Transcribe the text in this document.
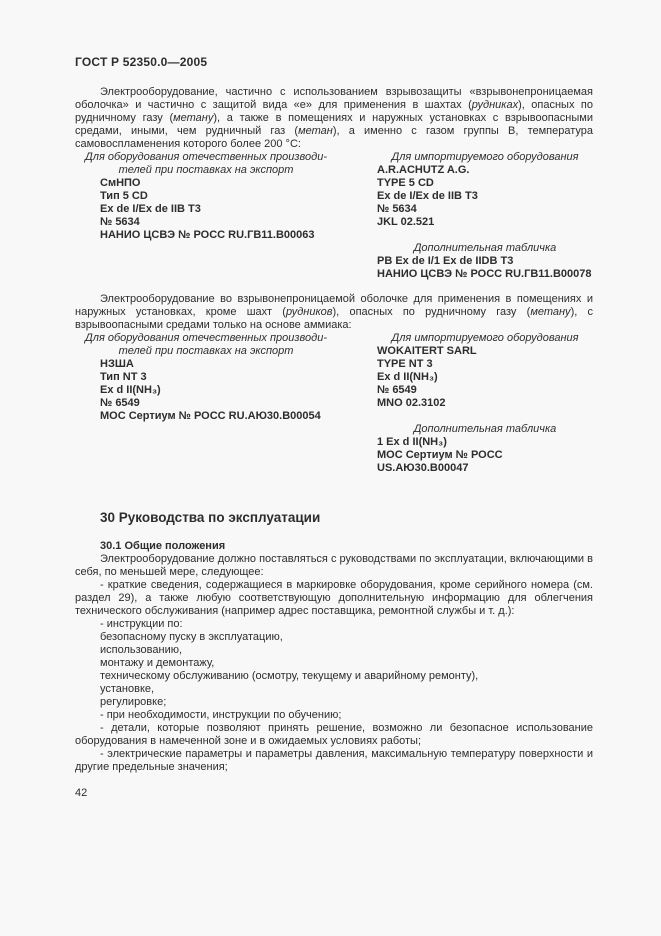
ГОСТ Р 52350.0—2005

Электрооборудование, частично с использованием взрывозащиты «взрывонепроницаемая оболочка» и частично с защитой вида «е» для применения в шахтах (рудниках), опасных по рудничному газу (метану), а также в помещениях и наружных установках с взрывоопасными средами, иными, чем рудничный газ (метан), а именно с газом группы В, температура самовоспламенения которого более 200 °С:

Для оборудования отечественных производи-
телей при поставках на экспорт
СмНПО
Тип 5 CD
Ex de I/Ex de IIB T3
№ 5634
НАНИО ЦСВЭ № РОСС RU.ГВ11.В00063
Для импортируемого оборудования
A.R.ACHUTZ A.G.
TYPE 5 CD
Ex de I/Ex de IIB T3
№ 5634
JKL 02.521
Дополнительная табличка
РВ Ex de I/1 Ex de IIDB T3
НАНИО ЦСВЭ № РОСС RU.ГВ11.В00078

Электрооборудование во взрывонепроницаемой оболочке для применения в помещениях и наружных установках, кроме шахт (рудников), опасных по рудничному газу (метану), с взрывоопасными средами только на основе аммиака:

Для оборудования отечественных производи-
телей при поставках на экспорт
НЗША
Тип NT 3
Ex d II(NH₃)
№ 6549
МОС Сертиум № РОСС RU.АЮ30.В00054
Для импортируемого оборудования
WOKAITERT SARL
TYPE NT 3
Ex d II(NH₃)
№ 6549
MNO 02.3102
Дополнительная табличка
1 Ex d II(NH₃)
МОС Сертиум № РОСС
US.АЮ30.В00047
30 Руководства по эксплуатации
30.1 Общие положения

Электрооборудование должно поставляться с руководствами по эксплуатации, включающими в себя, по меньшей мере, следующее:

- краткие сведения, содержащиеся в маркировке оборудования, кроме серийного номера (см. раздел 29), а также любую соответствующую дополнительную информацию для облегчения технического обслуживания (например адрес поставщика, ремонтной службы и т. д.):

- инструкции по:

безопасному пуску в эксплуатацию,

использованию,

монтажу и демонтажу,

техническому обслуживанию (осмотру, текущему и аварийному ремонту),

установке,

регулировке;

- при необходимости, инструкции по обучению;

- детали, которые позволяют принять решение, возможно ли безопасное использование оборудования в намеченной зоне и в ожидаемых условиях работы;

- электрические параметры и параметры давления, максимальную температуру поверхности и другие предельные значения;

42
